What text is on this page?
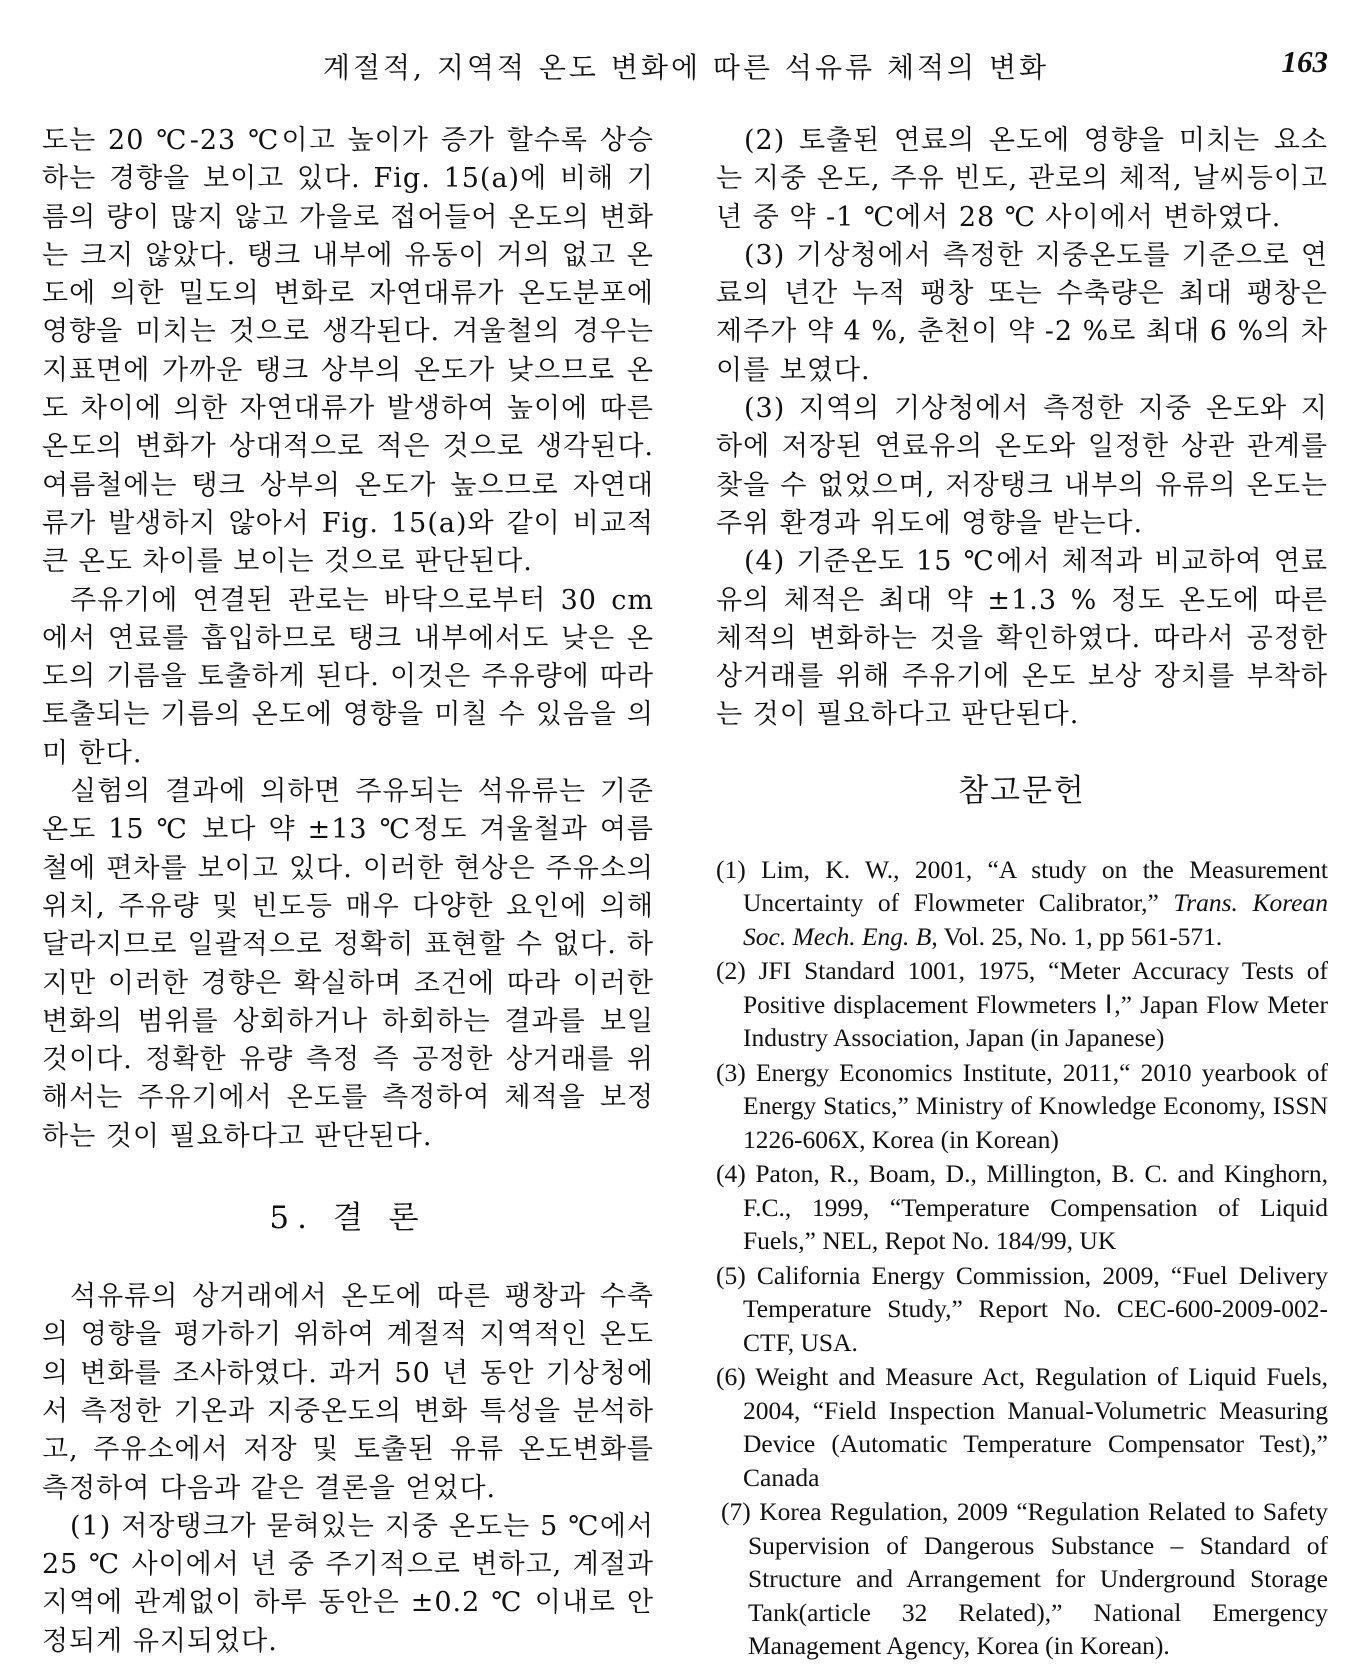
계절적, 지역적 온도 변화에 따른 석유류 체적의 변화	163

도는 20 ℃-23 ℃이고 높이가 증가 할수록 상승하는 경향을 보이고 있다. Fig. 15(a)에 비해 기름의 량이 많지 않고 가을로 접어들어 온도의 변화는 크지 않았다. 탱크 내부에 유동이 거의 없고 온도에 의한 밀도의 변화로 자연대류가 온도분포에 영향을 미치는 것으로 생각된다. 겨울철의 경우는 지표면에 가까운 탱크 상부의 온도가 낮으므로 온도 차이에 의한 자연대류가 발생하여 높이에 따른 온도의 변화가 상대적으로 적은 것으로 생각된다. 여름철에는 탱크 상부의 온도가 높으므로 자연대류가 발생하지 않아서 Fig. 15(a)와 같이 비교적 큰 온도 차이를 보이는 것으로 판단된다.

주유기에 연결된 관로는 바닥으로부터 30 cm 에서 연료를 흡입하므로 탱크 내부에서도 낮은 온도의 기름을 토출하게 된다. 이것은 주유량에 따라 토출되는 기름의 온도에 영향을 미칠 수 있음을 의미 한다.

실험의 결과에 의하면 주유되는 석유류는 기준온도 15 ℃ 보다 약 ±13 ℃정도 겨울철과 여름철에 편차를 보이고 있다. 이러한 현상은 주유소의 위치, 주유량 및 빈도등 매우 다양한 요인에 의해 달라지므로 일괄적으로 정확히 표현할 수 없다. 하지만 이러한 경향은 확실하며 조건에 따라 이러한 변화의 범위를 상회하거나 하회하는 결과를 보일 것이다. 정확한 유량 측정 즉 공정한 상거래를 위해서는 주유기에서 온도를 측정하여 체적을 보정하는 것이 필요하다고 판단된다.

5. 결 론

석유류의 상거래에서 온도에 따른 팽창과 수축의 영향을 평가하기 위하여 계절적 지역적인 온도의 변화를 조사하였다. 과거 50 년 동안 기상청에서 측정한 기온과 지중온도의 변화 특성을 분석하고, 주유소에서 저장 및 토출된 유류 온도변화를 측정하여 다음과 같은 결론을 얻었다.

(1) 저장탱크가 묻혀있는 지중 온도는 5 ℃에서 25 ℃ 사이에서 년 중 주기적으로 변하고, 계절과 지역에 관계없이 하루 동안은 ±0.2 ℃ 이내로 안정되게 유지되었다.

(2) 토출된 연료의 온도에 영향을 미치는 요소는 지중 온도, 주유 빈도, 관로의 체적, 날씨등이고 년 중 약 -1 ℃에서 28 ℃ 사이에서 변하였다.

(3) 기상청에서 측정한 지중온도를 기준으로 연료의 년간 누적 팽창 또는 수축량은 최대 팽창은 제주가 약 4 %, 춘천이 약 -2 %로 최대 6 %의 차이를 보였다.

(3) 지역의 기상청에서 측정한 지중 온도와 지하에 저장된 연료유의 온도와 일정한 상관 관계를 찾을 수 없었으며, 저장탱크 내부의 유류의 온도는 주위 환경과 위도에 영향을 받는다.

(4) 기준온도 15 ℃에서 체적과 비교하여 연료유의 체적은 최대 약 ±1.3 % 정도 온도에 따른 체적의 변화하는 것을 확인하였다. 따라서 공정한 상거래를 위해 주유기에 온도 보상 장치를 부착하는 것이 필요하다고 판단된다.

참고문헌
(1) Lim, K. W., 2001, “A study on the Measurement Uncertainty of Flowmeter Calibrator,” Trans. Korean Soc. Mech. Eng. B, Vol. 25, No. 1, pp 561-571.
(2) JFI Standard 1001, 1975, “Meter Accuracy Tests of Positive displacement Flowmeters Ⅰ,” Japan Flow Meter Industry Association, Japan (in Japanese)
(3) Energy Economics Institute, 2011,“ 2010 yearbook of Energy Statics,” Ministry of Knowledge Economy, ISSN 1226-606X, Korea (in Korean)
(4) Paton, R., Boam, D., Millington, B. C. and Kinghorn, F.C., 1999, “Temperature Compensation of Liquid Fuels,” NEL, Repot No. 184/99, UK
(5) California Energy Commission, 2009, “Fuel Delivery Temperature Study,” Report No. CEC-600-2009-002-CTF, USA.
(6) Weight and Measure Act, Regulation of Liquid Fuels, 2004, “Field Inspection Manual-Volumetric Measuring Device (Automatic Temperature Compensator Test),” Canada
(7) Korea Regulation, 2009 “Regulation Related to Safety Supervision of Dangerous Substance – Standard of Structure and Arrangement for Underground Storage Tank(article 32 Related),” National Emergency Management Agency, Korea (in Korean).
